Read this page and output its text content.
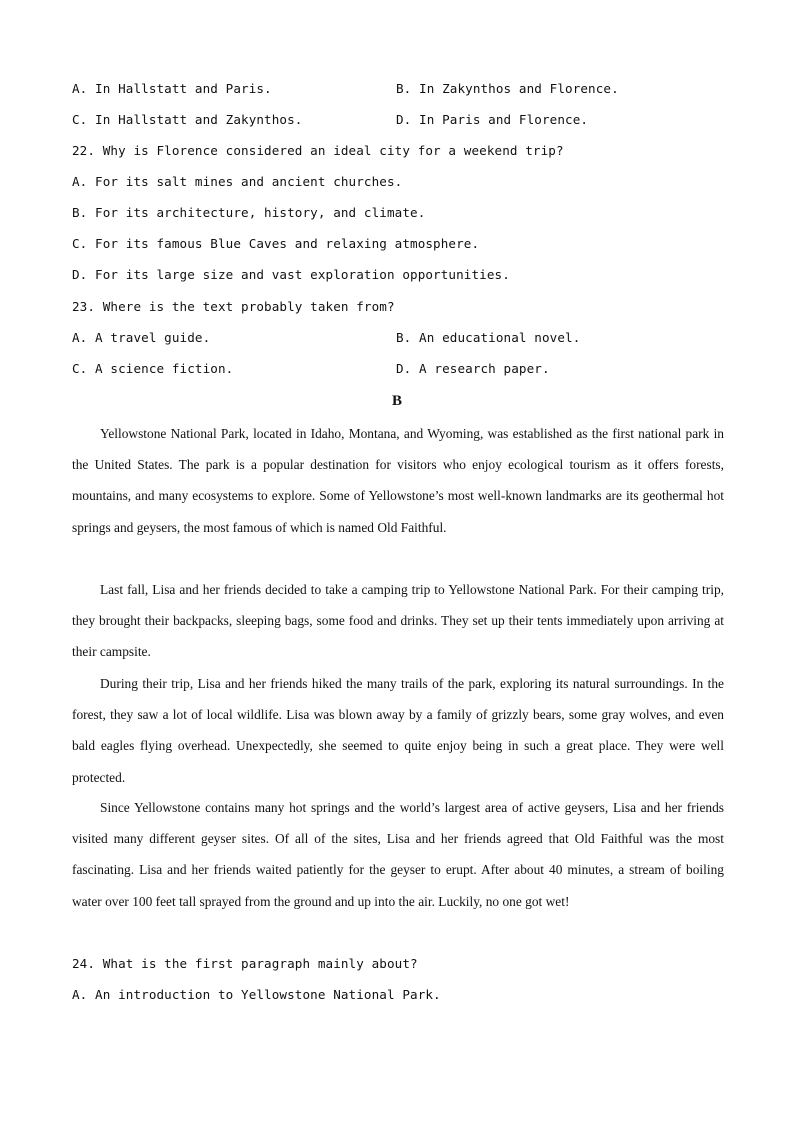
A. In Hallstatt and Paris.	B. In Zakynthos and Florence.
C. In Hallstatt and Zakynthos.	D. In Paris and Florence.
22. Why is Florence considered an ideal city for a weekend trip?
A. For its salt mines and ancient churches.
B. For its architecture, history, and climate.
C. For its famous Blue Caves and relaxing atmosphere.
D. For its large size and vast exploration opportunities.
23. Where is the text probably taken from?
A. A travel guide.	B. An educational novel.
C. A science fiction.	D. A research paper.
B
Yellowstone National Park, located in Idaho, Montana, and Wyoming, was established as the first national park in the United States. The park is a popular destination for visitors who enjoy ecological tourism as it offers forests, mountains, and many ecosystems to explore. Some of Yellowstone’s most well-known landmarks are its geothermal hot springs and geysers, the most famous of which is named Old Faithful.
Last fall, Lisa and her friends decided to take a camping trip to Yellowstone National Park. For their camping trip, they brought their backpacks, sleeping bags, some food and drinks. They set up their tents immediately upon arriving at their campsite.
During their trip, Lisa and her friends hiked the many trails of the park, exploring its natural surroundings. In the forest, they saw a lot of local wildlife. Lisa was blown away by a family of grizzly bears, some gray wolves, and even bald eagles flying overhead. Unexpectedly, she seemed to quite enjoy being in such a great place. They were well protected.
Since Yellowstone contains many hot springs and the world’s largest area of active geysers, Lisa and her friends visited many different geyser sites. Of all of the sites, Lisa and her friends agreed that Old Faithful was the most fascinating. Lisa and her friends waited patiently for the geyser to erupt. After about 40 minutes, a stream of boiling water over 100 feet tall sprayed from the ground and up into the air. Luckily, no one got wet!
24. What is the first paragraph mainly about?
A. An introduction to Yellowstone National Park.
